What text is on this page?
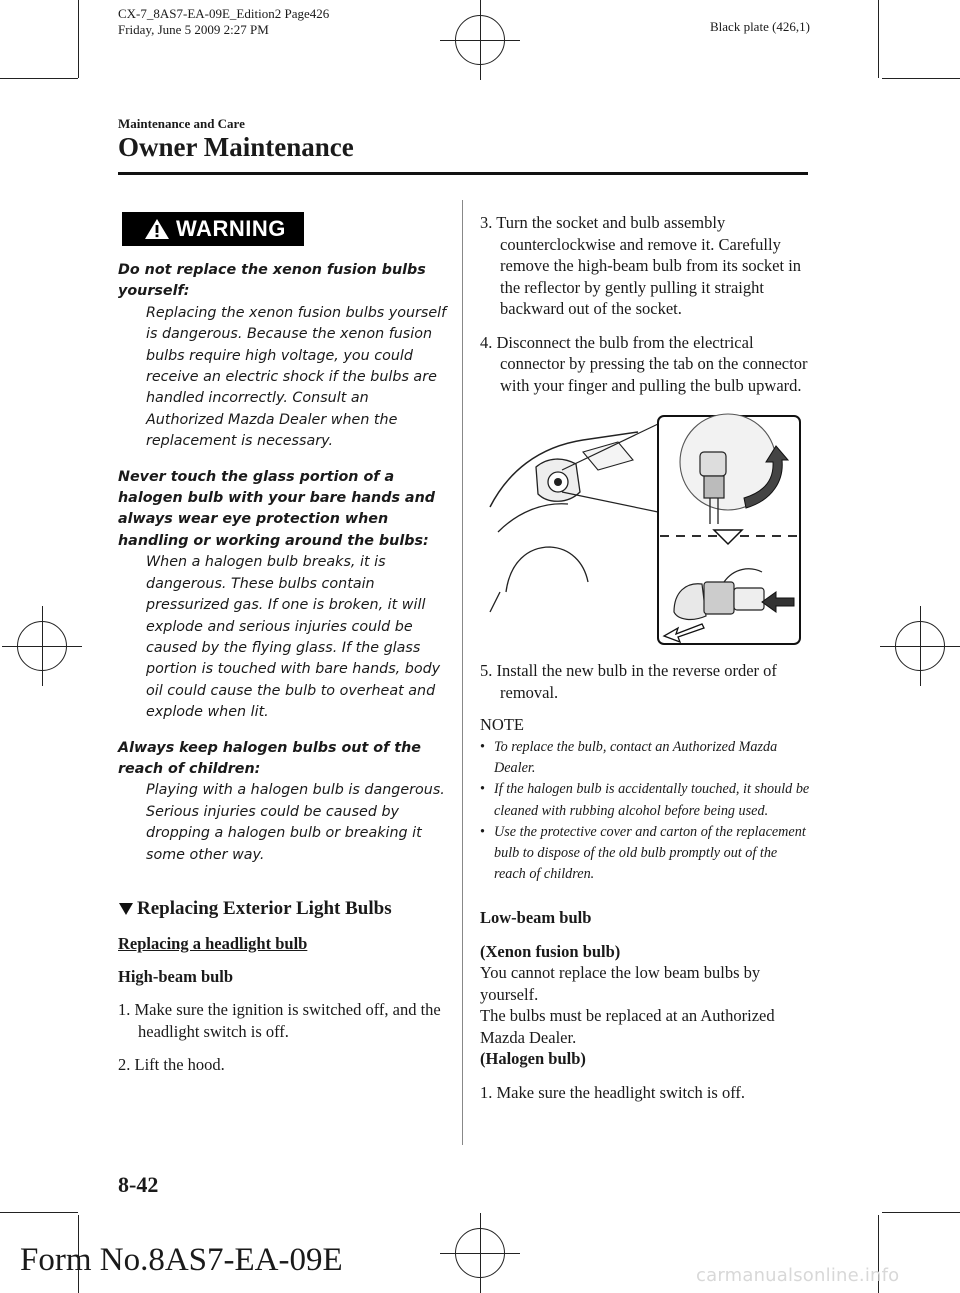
CX-7_8AS7-EA-09E_Edition2 Page426
Friday, June 5 2009 2:27 PM	Black plate (426,1)
Maintenance and Care
Owner Maintenance
WARNING
Do not replace the xenon fusion bulbs yourself:
Replacing the xenon fusion bulbs yourself is dangerous. Because the xenon fusion bulbs require high voltage, you could receive an electric shock if the bulbs are handled incorrectly. Consult an Authorized Mazda Dealer when the replacement is necessary.
Never touch the glass portion of a halogen bulb with your bare hands and always wear eye protection when handling or working around the bulbs:
When a halogen bulb breaks, it is dangerous. These bulbs contain pressurized gas. If one is broken, it will explode and serious injuries could be caused by the flying glass. If the glass portion is touched with bare hands, body oil could cause the bulb to overheat and explode when lit.
Always keep halogen bulbs out of the reach of children:
Playing with a halogen bulb is dangerous. Serious injuries could be caused by dropping a halogen bulb or breaking it some other way.
Replacing Exterior Light Bulbs
Replacing a headlight bulb
High-beam bulb
1. Make sure the ignition is switched off, and the headlight switch is off.
2. Lift the hood.
3. Turn the socket and bulb assembly counterclockwise and remove it. Carefully remove the high-beam bulb from its socket in the reflector by gently pulling it straight backward out of the socket.
4. Disconnect the bulb from the electrical connector by pressing the tab on the connector with your finger and pulling the bulb upward.
5. Install the new bulb in the reverse order of removal.
NOTE
• To replace the bulb, contact an Authorized Mazda Dealer.
• If the halogen bulb is accidentally touched, it should be cleaned with rubbing alcohol before being used.
• Use the protective cover and carton of the replacement bulb to dispose of the old bulb promptly out of the reach of children.
Low-beam bulb
(Xenon fusion bulb)
You cannot replace the low beam bulbs by yourself.
The bulbs must be replaced at an Authorized Mazda Dealer.
(Halogen bulb)
1. Make sure the headlight switch is off.
8-42
Form No.8AS7-EA-09E	carmanualsonline.info
